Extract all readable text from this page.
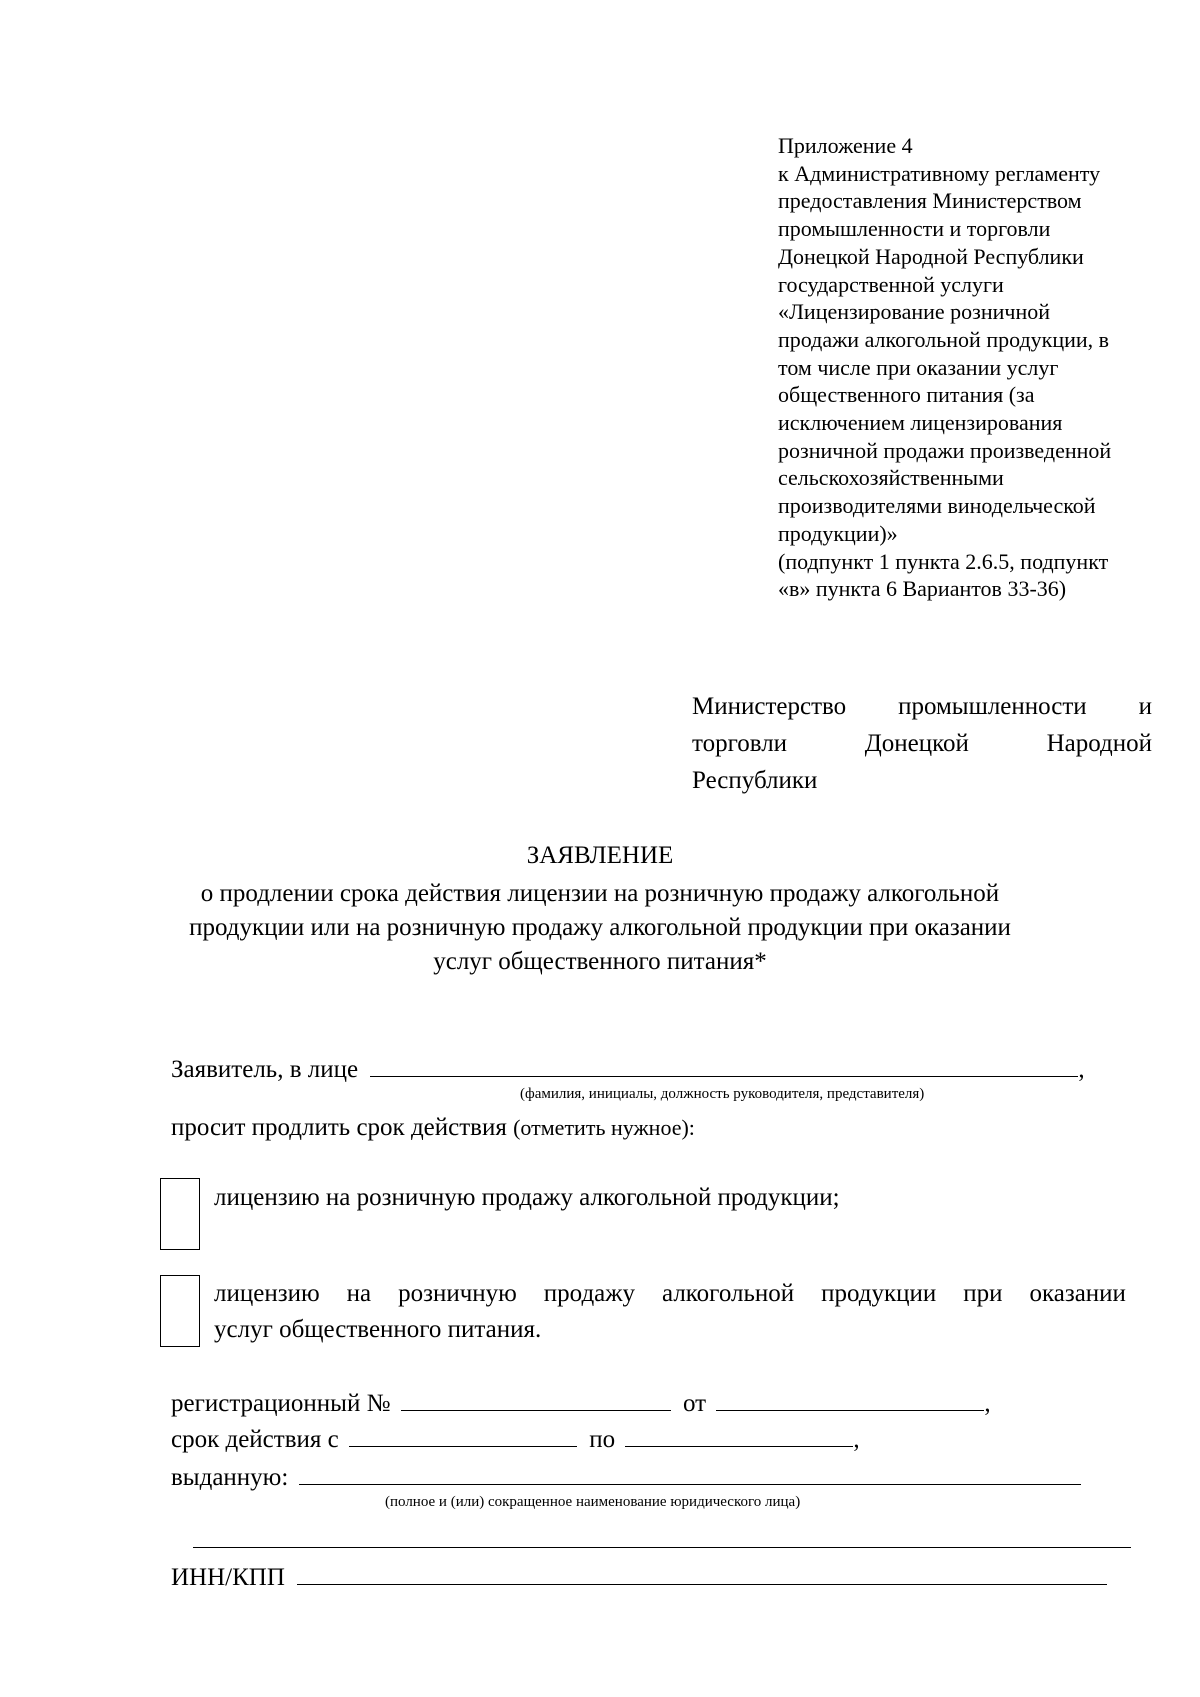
Приложение 4
к Административному регламенту
предоставления Министерством
промышленности и торговли
Донецкой Народной Республики
государственной услуги
«Лицензирование розничной
продажи алкогольной продукции, в
том числе при оказании услуг
общественного питания (за
исключением лицензирования
розничной продажи произведенной
сельскохозяйственными
производителями винодельческой
продукции)»
(подпункт 1 пункта 2.6.5, подпункт
«в» пункта 6 Вариантов 33-36)
Министерство промышленности и
торговли	Донецкой	Народной
Республики
ЗАЯВЛЕНИЕ
о продлении срока действия лицензии на розничную продажу алкогольной
продукции или на розничную продажу алкогольной продукции при оказании
услуг общественного питания*
Заявитель, в лице	,
(фамилия, инициалы, должность руководителя, представителя)
просит продлить срок действия (отметить нужное):
лицензию на розничную продажу алкогольной продукции;
лицензию на розничную продажу алкогольной продукции при оказании
услуг общественного питания.
регистрационный №	от	,
срок действия с	по	,
выданную:
(полное и (или) сокращенное наименование юридического лица)
ИНН/КПП
